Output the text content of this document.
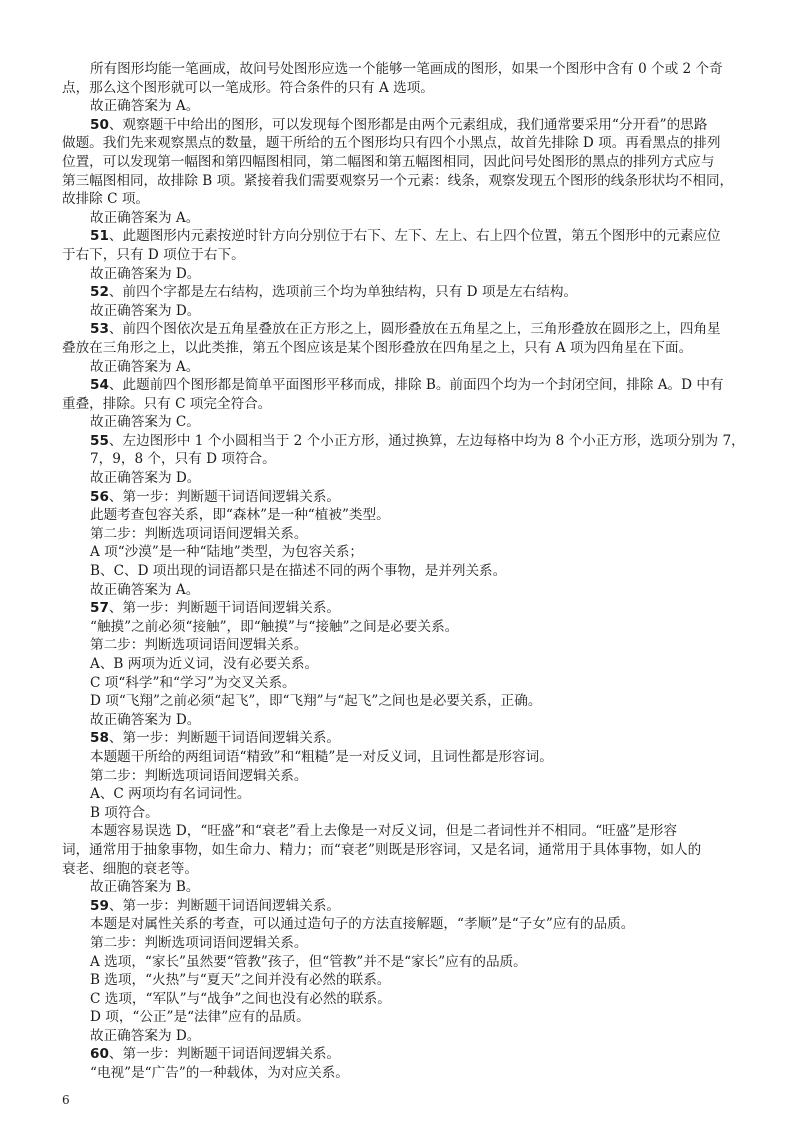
所有图形均能一笔画成，故问号处图形应选一个能够一笔画成的图形，如果一个图形中含有 0 个或 2 个奇
点，那么这个图形就可以一笔成形。符合条件的只有 A 选项。
故正确答案为 A。
50、观察题干中给出的图形，可以发现每个图形都是由两个元素组成，我们通常要采用“分开看”的思路
做题。我们先来观察黑点的数量，题干所给的五个图形均只有四个小黑点，故首先排除 D 项。再看黑点的排列
位置，可以发现第一幅图和第四幅图相同，第二幅图和第五幅图相同，因此问号处图形的黑点的排列方式应与
第三幅图相同，故排除 B 项。紧接着我们需要观察另一个元素：线条，观察发现五个图形的线条形状均不相同，
故排除 C 项。
故正确答案为 A。
51、此题图形内元素按逆时针方向分别位于右下、左下、左上、右上四个位置，第五个图形中的元素应位
于右下，只有 D 项位于右下。
故正确答案为 D。
52、前四个字都是左右结构，选项前三个均为单独结构，只有 D 项是左右结构。
故正确答案为 D。
53、前四个图依次是五角星叠放在正方形之上，圆形叠放在五角星之上，三角形叠放在圆形之上，四角星
叠放在三角形之上，以此类推，第五个图应该是某个图形叠放在四角星之上，只有 A 项为四角星在下面。
故正确答案为 A。
54、此题前四个图形都是简单平面图形平移而成，排除 B。前面四个均为一个封闭空间，排除 A。D 中有
重叠，排除。只有 C 项完全符合。
故正确答案为 C。
55、左边图形中 1 个小圆相当于 2 个小正方形，通过换算，左边每格中均为 8 个小正方形，选项分别为 7，
7，9，8 个，只有 D 项符合。
故正确答案为 D。
56、第一步：判断题干词语间逻辑关系。
此题考查包容关系，即“森林”是一种“植被”类型。
第二步：判断选项词语间逻辑关系。
A 项“沙漠”是一种“陆地”类型，为包容关系；
B、C、D 项出现的词语都只是在描述不同的两个事物，是并列关系。
故正确答案为 A。
57、第一步：判断题干词语间逻辑关系。
“触摸”之前必须“接触”，即“触摸”与“接触”之间是必要关系。
第二步：判断选项词语间逻辑关系。
A、B 两项为近义词，没有必要关系。
C 项“科学”和“学习”为交叉关系。
D 项“飞翔”之前必须“起飞”，即“飞翔”与“起飞”之间也是必要关系，正确。
故正确答案为 D。
58、第一步：判断题干词语间逻辑关系。
本题题干所给的两组词语“精致”和“粗糙”是一对反义词，且词性都是形容词。
第二步：判断选项词语间逻辑关系。
A、C 两项均有名词词性。
B 项符合。
本题容易误选 D，“旺盛”和“衰老”看上去像是一对反义词，但是二者词性并不相同。“旺盛”是形容
词，通常用于抽象事物，如生命力、精力；而“衰老”则既是形容词，又是名词，通常用于具体事物，如人的
衰老、细胞的衰老等。
故正确答案为 B。
59、第一步：判断题干词语间逻辑关系。
本题是对属性关系的考查，可以通过造句子的方法直接解题，“孝顺”是“子女”应有的品质。
第二步：判断选项词语间逻辑关系。
A 选项，“家长”虽然要“管教”孩子，但“管教”并不是“家长”应有的品质。
B 选项，“火热”与“夏天”之间并没有必然的联系。
C 选项，“军队”与“战争”之间也没有必然的联系。
D 项，“公正”是“法律”应有的品质。
故正确答案为 D。
60、第一步：判断题干词语间逻辑关系。
“电视”是“广告”的一种载体，为对应关系。
6
